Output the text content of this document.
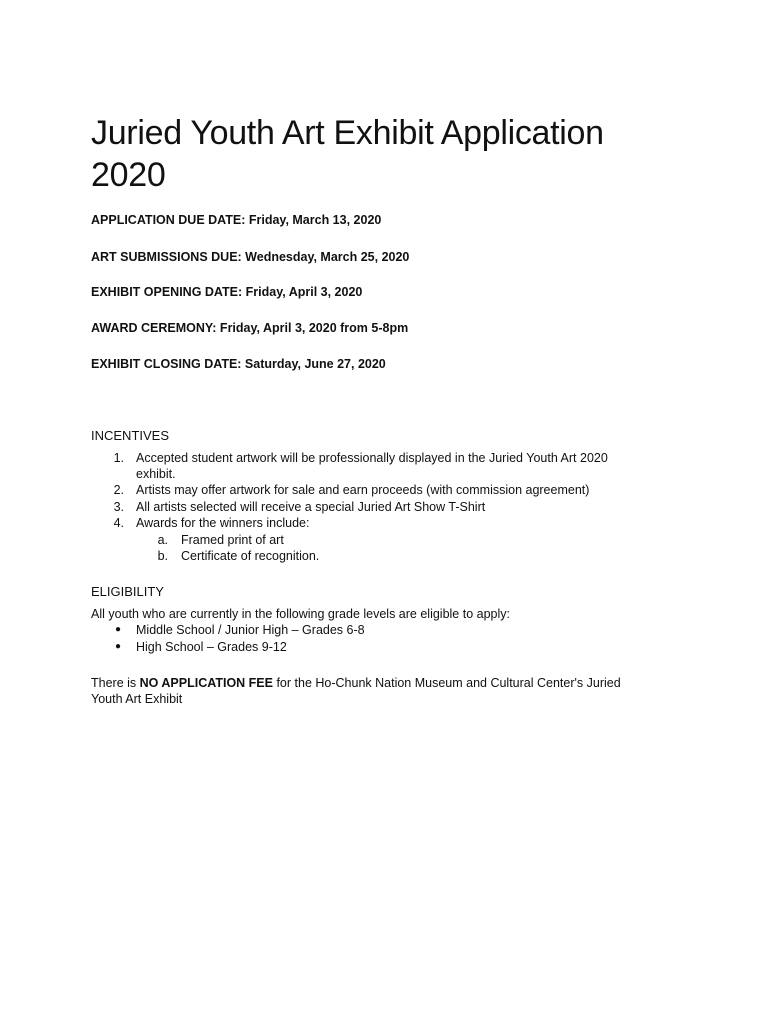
Juried Youth Art Exhibit Application
2020

APPLICATION DUE DATE: Friday, March 13, 2020

ART SUBMISSIONS DUE: Wednesday, March 25, 2020

EXHIBIT OPENING DATE: Friday, April 3, 2020

AWARD CEREMONY: Friday, April 3, 2020 from 5-8pm

EXHIBIT CLOSING DATE: Saturday, June 27, 2020

INCENTIVES

1. Accepted student artwork will be professionally displayed in the Juried Youth Art 2020
exhibit.
2. Artists may offer artwork for sale and earn proceeds (with commission agreement)
3. All artists selected will receive a special Juried Art Show T-Shirt
4. Awards for the winners include:
a. Framed print of art
b. Certificate of recognition.

ELIGIBILITY

All youth who are currently in the following grade levels are eligible to apply:

● Middle School / Junior High – Grades 6-8
● High School – Grades 9-12

There is NO APPLICATION FEE for the Ho-Chunk Nation Museum and Cultural Center's Juried

Youth Art Exhibit
